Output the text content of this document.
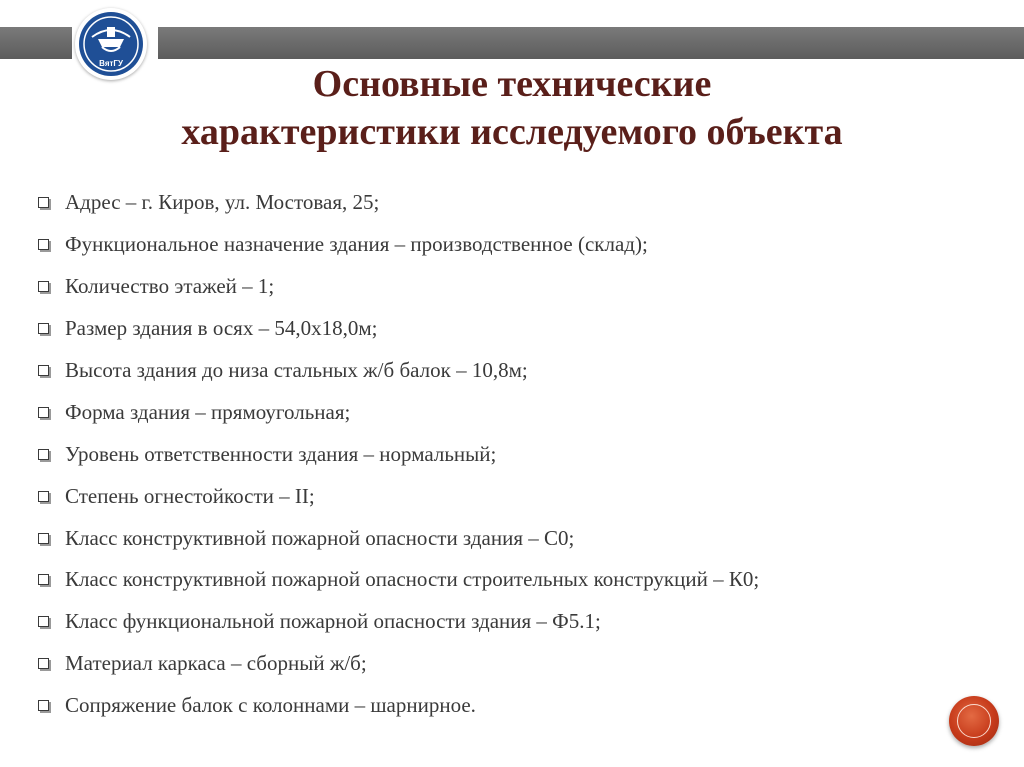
ВятГУ	Основные технические
характеристики исследуемого объекта
Адрес – г. Киров, ул. Мостовая, 25;
Функциональное назначение здания – производственное (склад);
Количество этажей – 1;
Размер здания в осях – 54,0х18,0м;
Высота здания до низа стальных ж/б балок – 10,8м;
Форма здания – прямоугольная;
Уровень ответственности здания – нормальный;
Степень огнестойкости – II;
Класс конструктивной пожарной опасности здания – С0;
Класс конструктивной пожарной опасности строительных конструкций – К0;
Класс функциональной пожарной опасности здания – Ф5.1;
Материал каркаса – сборный ж/б;
Сопряжение балок с колоннами – шарнирное.
